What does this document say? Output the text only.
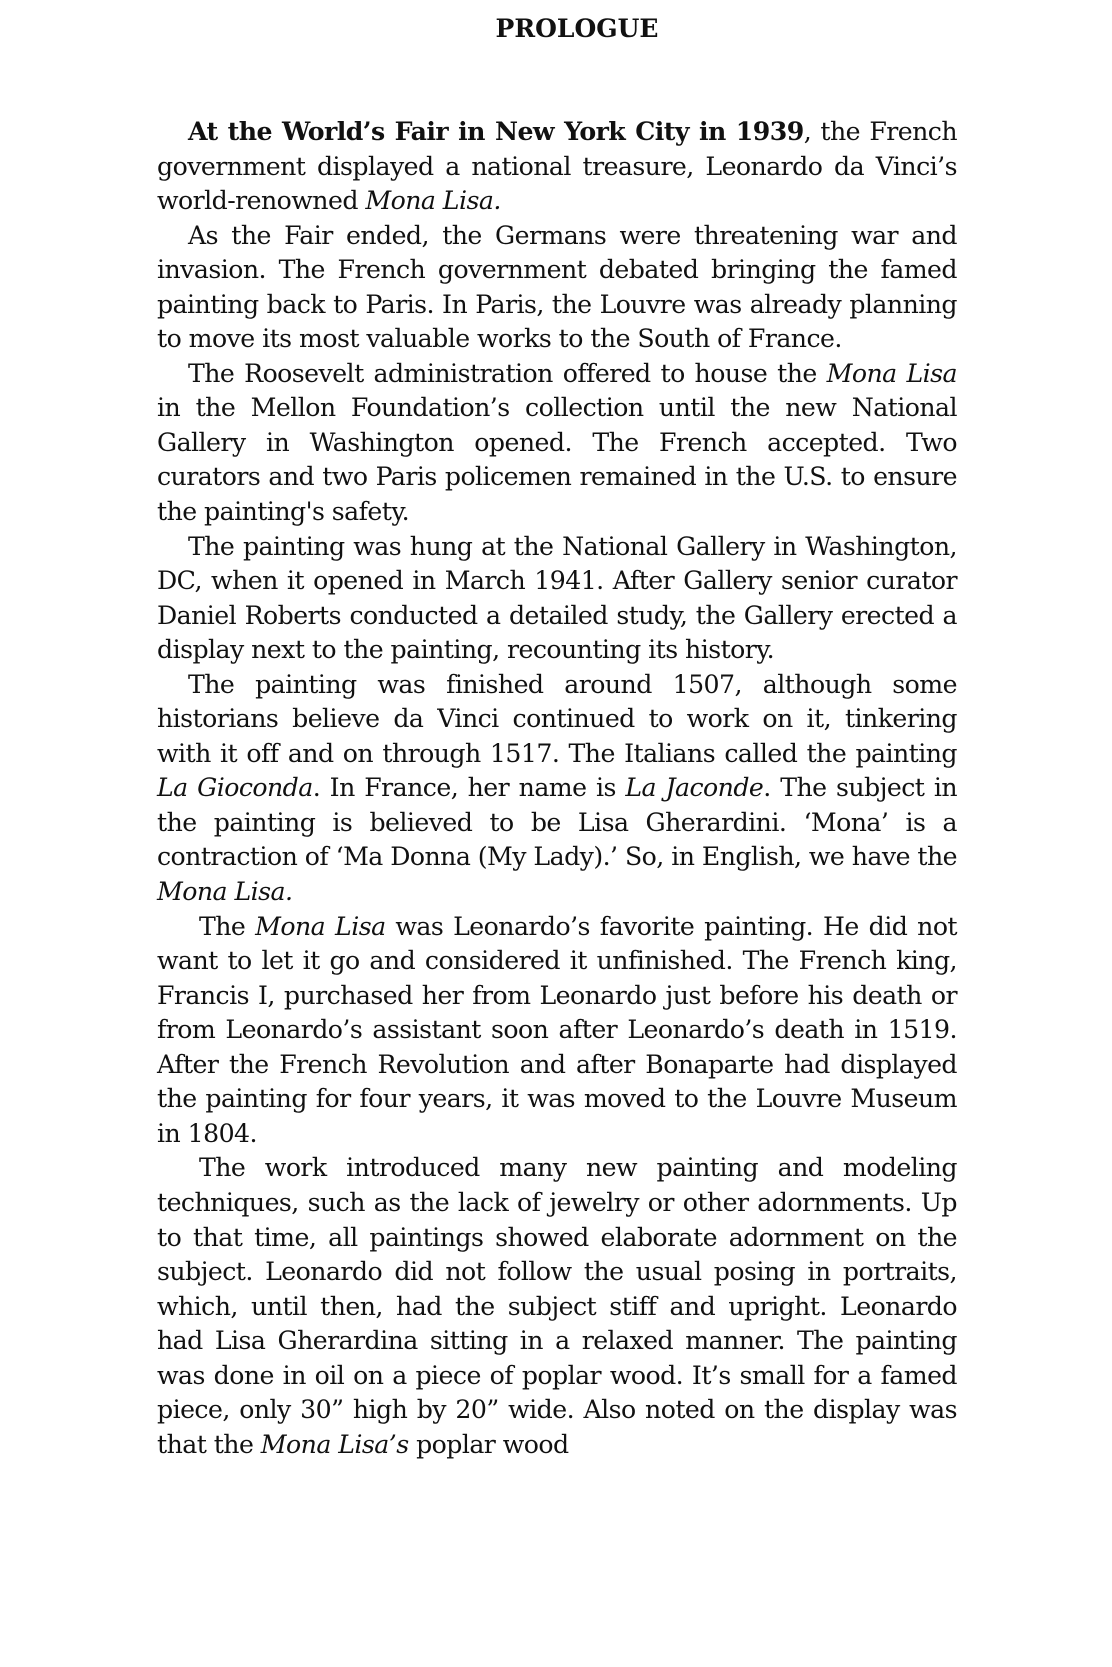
PROLOGUE

At the World’s Fair in New York City in 1939, the French government displayed a national treasure, Leonardo da Vinci’s world-renowned Mona Lisa.

As the Fair ended, the Germans were threatening war and invasion. The French government debated bringing the famed painting back to Paris. In Paris, the Louvre was already planning to move its most valuable works to the South of France.

The Roosevelt administration offered to house the Mona Lisa in the Mellon Foundation’s collection until the new National Gallery in Washington opened. The French accepted. Two curators and two Paris policemen remained in the U.S. to ensure the painting's safety.

The painting was hung at the National Gallery in Washington, DC, when it opened in March 1941. After Gallery senior curator Daniel Roberts conducted a detailed study, the Gallery erected a display next to the painting, recounting its history.

The painting was finished around 1507, although some historians believe da Vinci continued to work on it, tinkering with it off and on through 1517. The Italians called the painting La Gioconda. In France, her name is La Jaconde. The subject in the painting is believed to be Lisa Gherardini. ‘Mona’ is a contraction of ‘Ma Donna (My Lady).’ So, in English, we have the Mona Lisa.

The Mona Lisa was Leonardo’s favorite painting. He did not want to let it go and considered it unfinished. The French king, Francis I, purchased her from Leonardo just before his death or from Leonardo’s assistant soon after Leonardo’s death in 1519. After the French Revolution and after Bonaparte had displayed the painting for four years, it was moved to the Louvre Museum in 1804.

The work introduced many new painting and modeling techniques, such as the lack of jewelry or other adornments. Up to that time, all paintings showed elaborate adornment on the subject. Leonardo did not follow the usual posing in portraits, which, until then, had the subject stiff and upright. Leonardo had Lisa Gherardina sitting in a relaxed manner. The painting was done in oil on a piece of poplar wood. It’s small for a famed piece, only 30” high by 20” wide. Also noted on the display was that the Mona Lisa’s poplar wood
